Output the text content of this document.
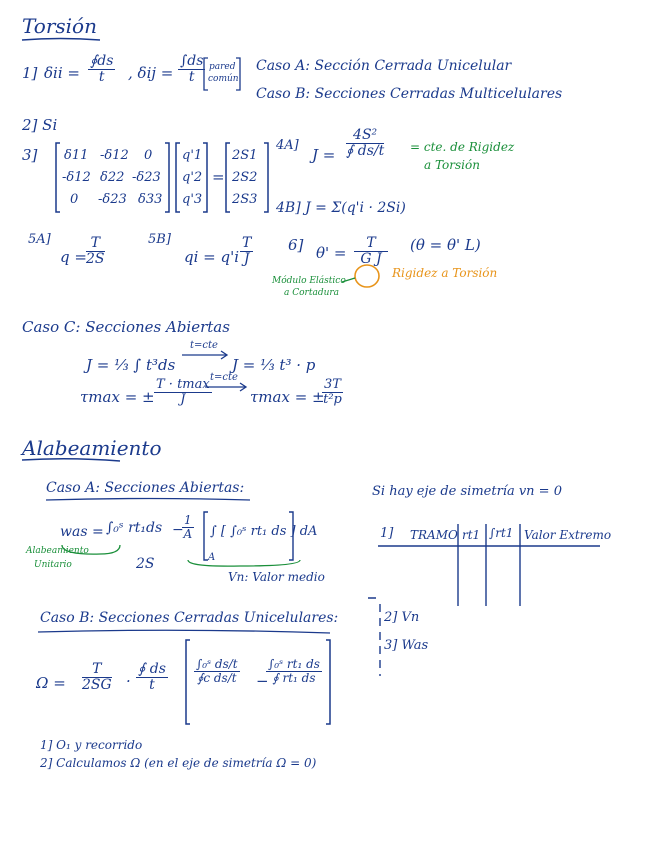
Torsión
1] $\delta ii = \frac{∮ds}{t}$ , $\delta ij = \frac{\int ds}{t}$ pared
común
Caso A: Sección Cerrada Unicelular
Caso B: Secciones Cerradas Multicelulares
2] Si
3] δ11 -δ12 0
-δ12 δ22 -δ23
0 -δ23 δ33
q'1
q'2
q'3
=
2S1
2S2
2S3
4A]
$J = \frac{\text{4S²}}{∮ ds/t}$ = cte. de Rigidez
a Torsión
4B] J = Σ(q'i · 2Si)
5A]
$q = \frac{T}{2S}$	5B]
qi = $q'i \frac{T}{J} 6$] $\theta' = \frac{T}{\text{G J}} (\theta = \theta'$ L)
Módulo Elástico
a Cortadura
Rigidez a Torsión
Caso C: Secciones Abiertas
J = ⅓ ∫ t³ds
t=cte
J = ⅓ t³ · p
τmax = ±
T · tmax
J
t=cte
τmax = ±
$\frac{3T}{\text{t²p}}$
Alabeamiento
Caso A: Secciones Abiertas:
was = ∫₀ˢ rt₁ds −
$\frac{1}{A}$ ∫ [ ∫₀ˢ rt₁ ds ] dA
A
Alabeamiento
Unitario	2S
Vn: Valor medio
Si hay eje de simetría vn = 0
1] TRAMO rt1 ∫rt1 Valor Extremo
Caso B: Secciones Cerradas Unicelulares:	2] Vn
3] Was
$\Omega = \frac{T}{2SG} \cdot \frac{∮ ds}{t} \frac{\text{∫₀ˢ ds/t}}{\text{∮c ds/t}}$ −
$\frac{\text{∫₀ˢ rt₁ ds}}{\text{∮ rt₁ ds}}$
1] O₁ y recorrido
2] Calculamos Ω (en el eje de simetría Ω = 0)
